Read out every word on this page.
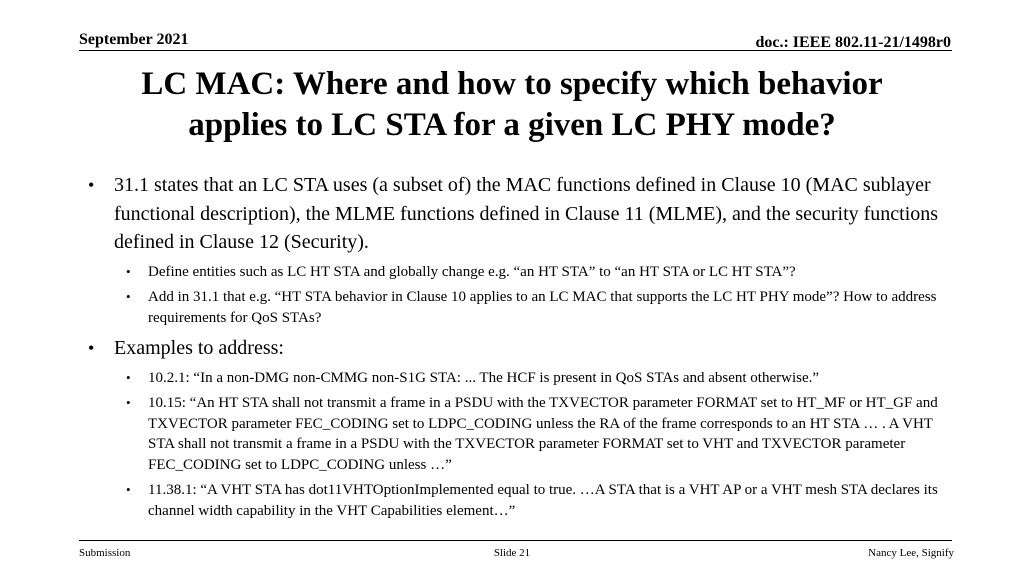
September 2021	doc.: IEEE 802.11-21/1498r0
LC MAC: Where and how to specify which behavior
applies to LC STA for a given LC PHY mode?
• 31.1 states that an LC STA uses (a subset of) the MAC functions defined in Clause 10 (MAC sublayer functional description), the MLME functions defined in Clause 11 (MLME), and the security functions defined in Clause 12 (Security).
• Define entities such as LC HT STA and globally change e.g. “an HT STA” to “an HT STA or LC HT STA”?
• Add in 31.1 that e.g. “HT STA behavior in Clause 10 applies to an LC MAC that supports the LC HT PHY mode”? How to address requirements for QoS STAs?
• Examples to address:
• 10.2.1: “In a non-DMG non-CMMG non-S1G STA: ... The HCF is present in QoS STAs and absent otherwise.”
• 10.15: “An HT STA shall not transmit a frame in a PSDU with the TXVECTOR parameter FORMAT set to HT_MF or HT_GF and TXVECTOR parameter FEC_CODING set to LDPC_CODING unless the RA of the frame corresponds to an HT STA … . A VHT STA shall not transmit a frame in a PSDU with the TXVECTOR parameter FORMAT set to VHT and TXVECTOR parameter FEC_CODING set to LDPC_CODING unless …”
• 11.38.1: “A VHT STA has dot11VHTOptionImplemented equal to true. …A STA that is a VHT AP or a VHT mesh STA declares its channel width capability in the VHT Capabilities element…”
Submission	Slide 21	Nancy Lee, Signify
